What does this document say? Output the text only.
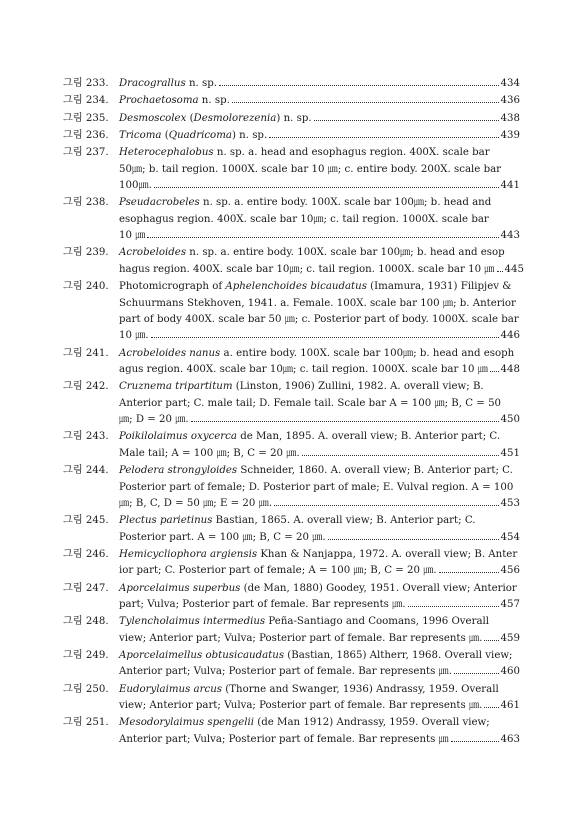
그림 233. Dracograllus n. sp.	434
그림 234. Prochaetosoma n. sp.	436
그림 235. Desmoscolex (Desmolorezenia) n. sp.	438
그림 236. Tricoma (Quadricoma) n. sp.	439
그림 237. Heterocephalobus n. sp. a. head and esophagus region. 400X. scale bar
50㎛; b. tail region. 1000X. scale bar 10 ㎛; c. entire body. 200X. scale bar
100㎛.	441
그림 238. Pseudacrobeles n. sp. a. entire body. 100X. scale bar 100㎛; b. head and
esophagus region. 400X. scale bar 10㎛; c. tail region. 1000X. scale bar
10 ㎛	443
그림 239. Acrobeloides n. sp. a. entire body. 100X. scale bar 100㎛; b. head and esop
hagus region. 400X. scale bar 10㎛; c. tail region. 1000X. scale bar 10 ㎛ 445
그림 240. Photomicrograph of Aphelenchoides bicaudatus (Imamura, 1931) Filipjev &
Schuurmans Stekhoven, 1941. a. Female. 100X. scale bar 100 ㎛; b. Anterior
part of body 400X. scale bar 50 ㎛; c. Posterior part of body. 1000X. scale bar
10 ㎛.	446
그림 241. Acrobeloides nanus a. entire body. 100X. scale bar 100㎛; b. head and esoph
agus region. 400X. scale bar 10㎛; c. tail region. 1000X. scale bar 10 ㎛ 448
그림 242. Cruznema tripartitum (Linston, 1906) Zullini, 1982. A. overall view; B.
Anterior part; C. male tail; D. Female tail. Scale bar A = 100 ㎛; B, C = 50
㎛; D = 20 ㎛.	450
그림 243. Poikilolaimus oxycerca de Man, 1895. A. overall view; B. Anterior part; C.
Male tail; A = 100 ㎛; B, C = 20 ㎛.	451
그림 244. Pelodera strongyloides Schneider, 1860. A. overall view; B. Anterior part; C.
Posterior part of female; D. Posterior part of male; E. Vulval region. A = 100
㎛; B, C, D = 50 ㎛; E = 20 ㎛.	453
그림 245. Plectus parietinus Bastian, 1865. A. overall view; B. Anterior part; C.
Posterior part. A = 100 ㎛; B, C = 20 ㎛.	454
그림 246. Hemicycliophora argiensis Khan & Nanjappa, 1972. A. overall view; B. Anter
ior part; C. Posterior part of female; A = 100 ㎛; B, C = 20 ㎛.	456
그림 247. Aporcelaimus superbus (de Man, 1880) Goodey, 1951. Overall view; Anterior
part; Vulva; Posterior part of female. Bar represents ㎛.	457
그림 248. Tylencholaimus intermedius Peña-Santiago and Coomans, 1996 Overall
view; Anterior part; Vulva; Posterior part of female. Bar represents ㎛. 459
그림 249. Aporcelaimellus obtusicaudatus (Bastian, 1865) Altherr, 1968. Overall view;
Anterior part; Vulva; Posterior part of female. Bar represents ㎛.	460
그림 250. Eudorylaimus arcus (Thorne and Swanger, 1936) Andrassy, 1959. Overall
view; Anterior part; Vulva; Posterior part of female. Bar represents ㎛. 461
그림 251. Mesodorylaimus spengelii (de Man 1912) Andrassy, 1959. Overall view;
Anterior part; Vulva; Posterior part of female. Bar represents ㎛	463
